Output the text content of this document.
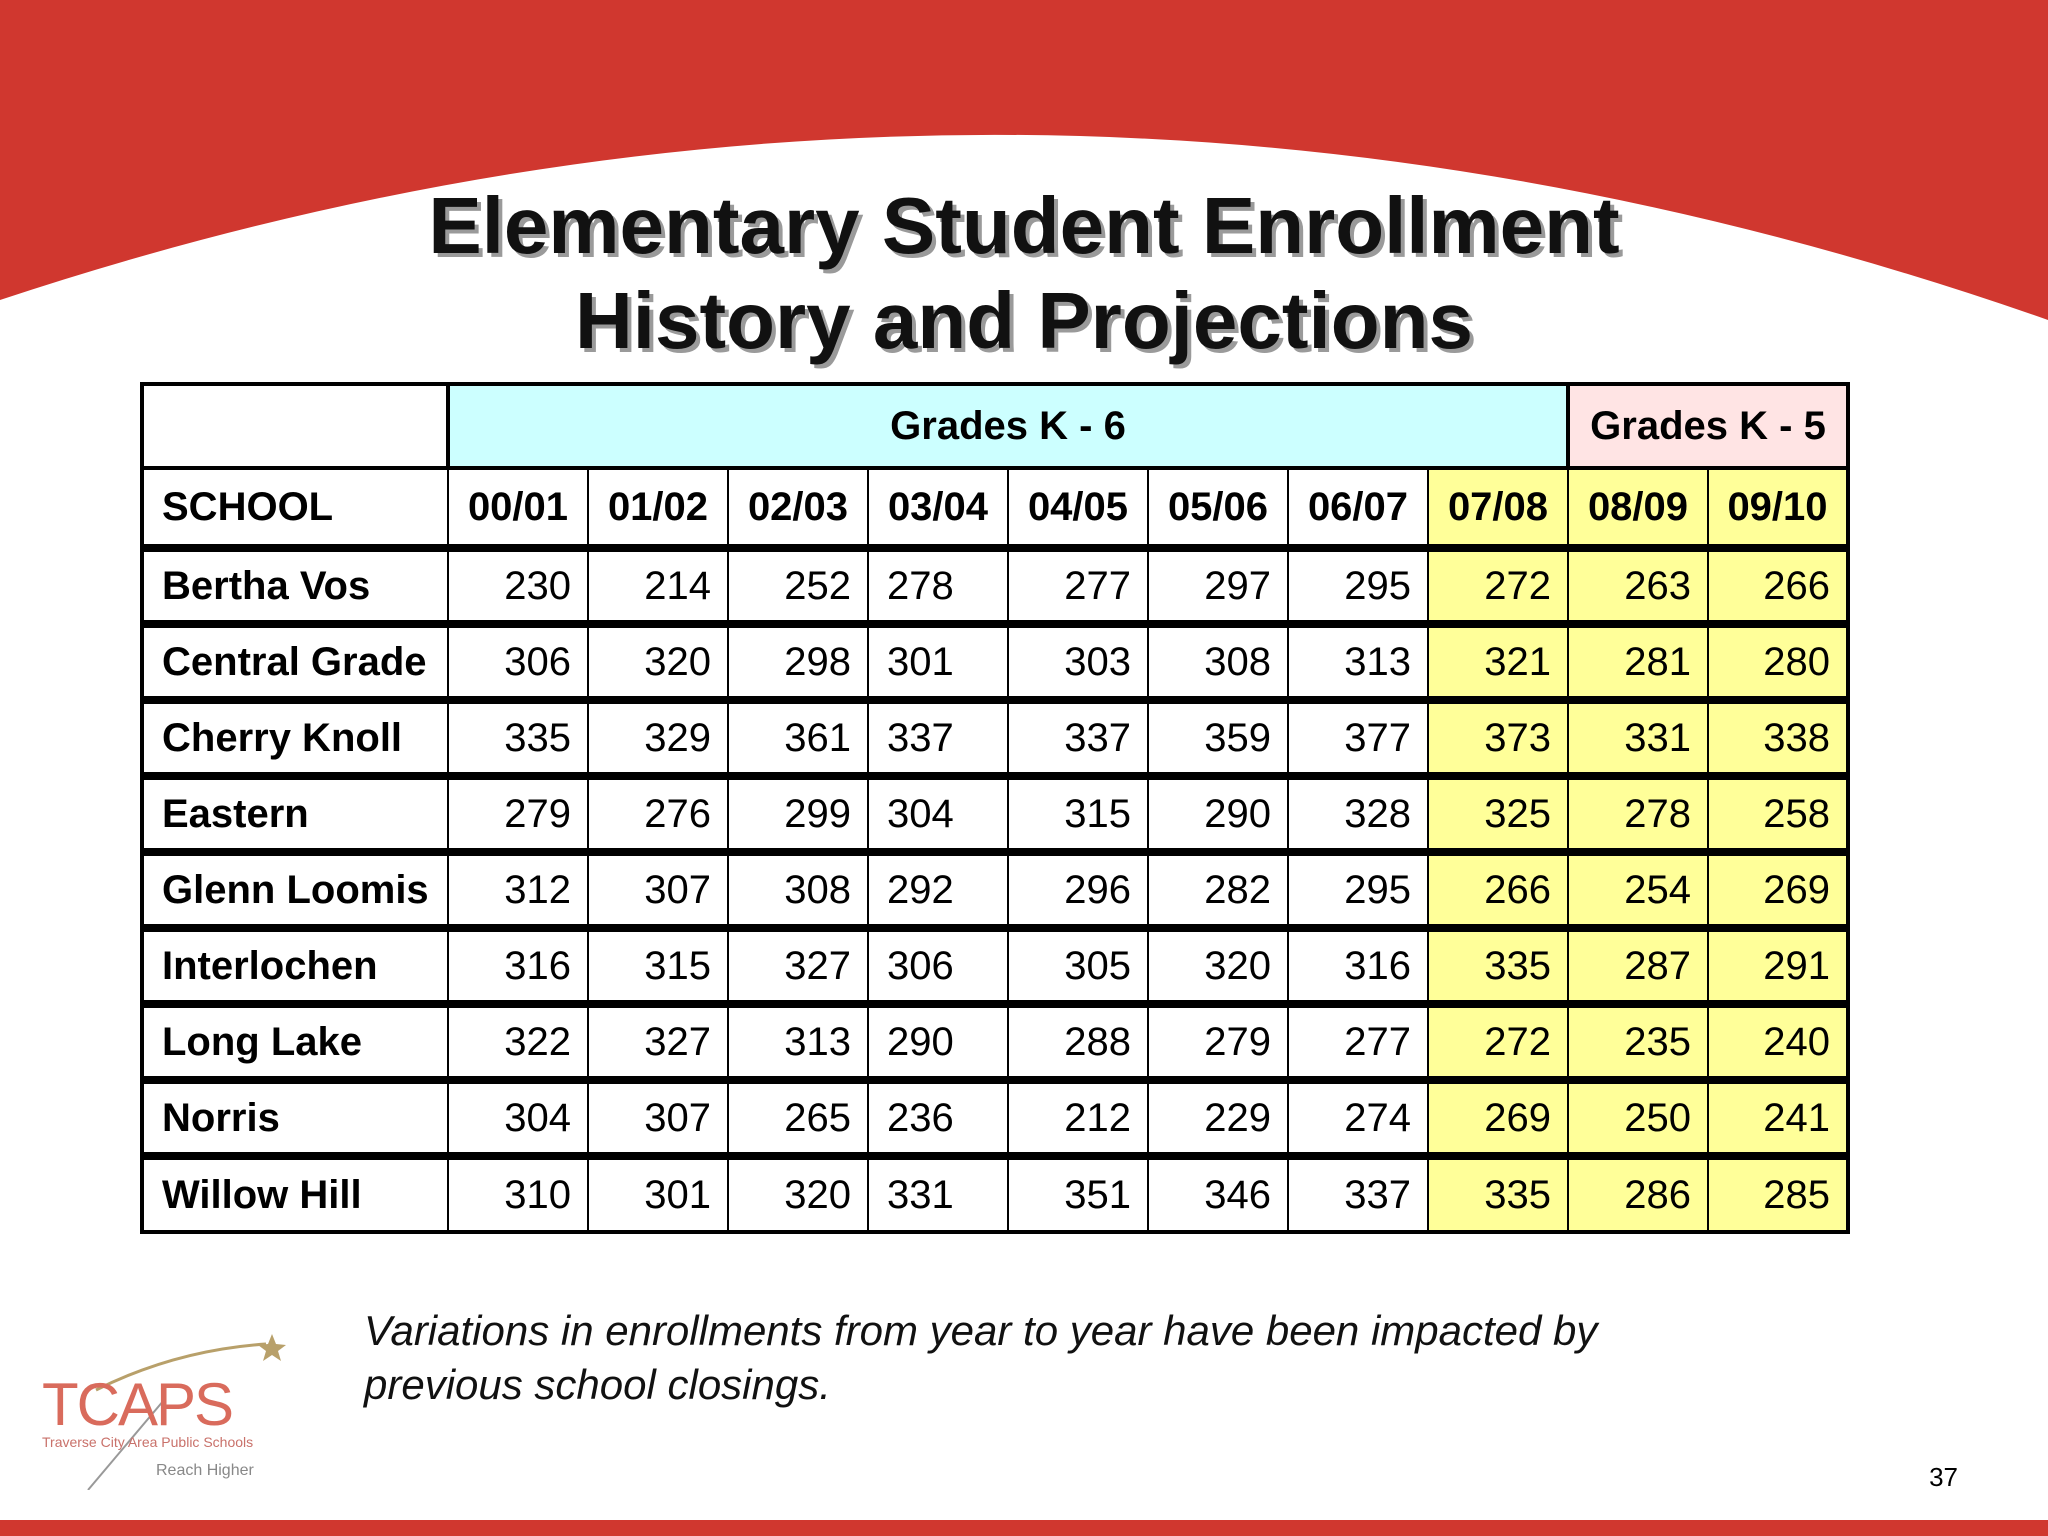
Elementary Student Enrollment
History and Projections
	Grades K - 6								Grades K - 5	
SCHOOL	00/01	01/02	02/03	03/04	04/05	05/06	06/07	07/08	08/09	09/10
Bertha Vos	230	214	252	278	277	297	295	272	263	266
Central Grade	306	320	298	301	303	308	313	321	281	280
Cherry Knoll	335	329	361	337	337	359	377	373	331	338
Eastern	279	276	299	304	315	290	328	325	278	258
Glenn Loomis	312	307	308	292	296	282	295	266	254	269
Interlochen	316	315	327	306	305	320	316	335	287	291
Long Lake	322	327	313	290	288	279	277	272	235	240
Norris	304	307	265	236	212	229	274	269	250	241
Willow Hill	310	301	320	331	351	346	337	335	286	285
Variations in enrollments from year to year have been impacted by previous school closings.
TCAPS
Traverse City Area Public Schools
Reach Higher	37
